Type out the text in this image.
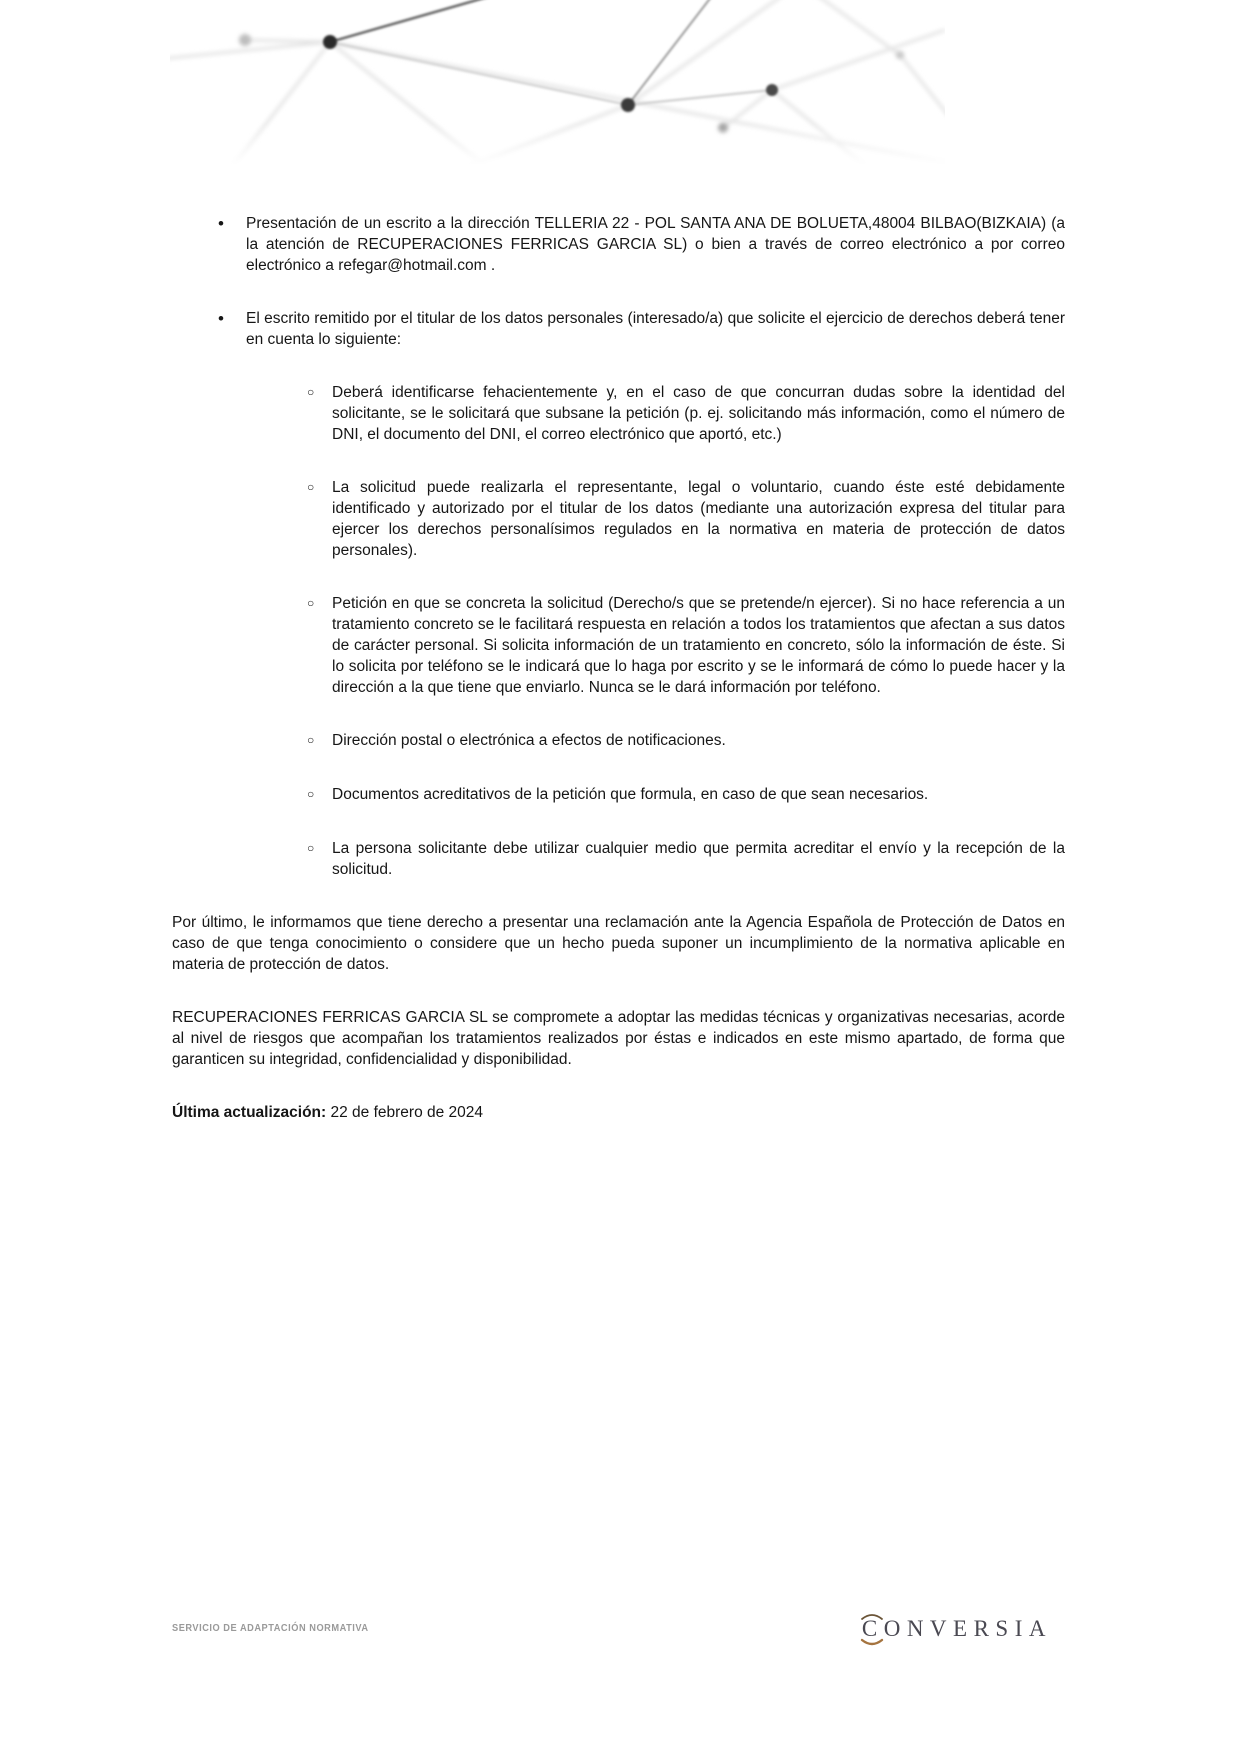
•	Presentación de un escrito a la dirección TELLERIA 22 - POL SANTA ANA DE BOLUETA,48004 BILBAO(BIZKAIA) (a la atención de RECUPERACIONES FERRICAS GARCIA SL) o bien a través de correo electrónico a por correo electrónico a refegar@hotmail.com .
•	El escrito remitido por el titular de los datos personales (interesado/a) que solicite el ejercicio de derechos deberá tener en cuenta lo siguiente:
○	Deberá identificarse fehacientemente y, en el caso de que concurran dudas sobre la identidad del solicitante, se le solicitará que subsane la petición (p. ej. solicitando más información, como el número de DNI, el documento del DNI, el correo electrónico que aportó, etc.)
○	La solicitud puede realizarla el representante, legal o voluntario, cuando éste esté debidamente identificado y autorizado por el titular de los datos (mediante una autorización expresa del titular para ejercer los derechos personalísimos regulados en la normativa en materia de protección de datos personales).
○	Petición en que se concreta la solicitud (Derecho/s que se pretende/n ejercer). Si no hace referencia a un tratamiento concreto se le facilitará respuesta en relación a todos los tratamientos que afectan a sus datos de carácter personal. Si solicita información de un tratamiento en concreto, sólo la información de éste. Si lo solicita por teléfono se le indicará que lo haga por escrito y se le informará de cómo lo puede hacer y la dirección a la que tiene que enviarlo. Nunca se le dará información por teléfono.
○	Dirección postal o electrónica a efectos de notificaciones.
○	Documentos acreditativos de la petición que formula, en caso de que sean necesarios.
○	La persona solicitante debe utilizar cualquier medio que permita acreditar el envío y la recepción de la solicitud.
Por último, le informamos que tiene derecho a presentar una reclamación ante la Agencia Española de Protección de Datos en caso de que tenga conocimiento o considere que un hecho pueda suponer un incumplimiento de la normativa aplicable en materia de protección de datos.
RECUPERACIONES FERRICAS GARCIA SL se compromete a adoptar las medidas técnicas y organizativas necesarias, acorde al nivel de riesgos que acompañan los tratamientos realizados por éstas e indicados en este mismo apartado, de forma que garanticen su integridad, confidencialidad y disponibilidad.
Última actualización: 22 de febrero de 2024
SERVICIO DE ADAPTACIÓN NORMATIVA	CONVERSIA
